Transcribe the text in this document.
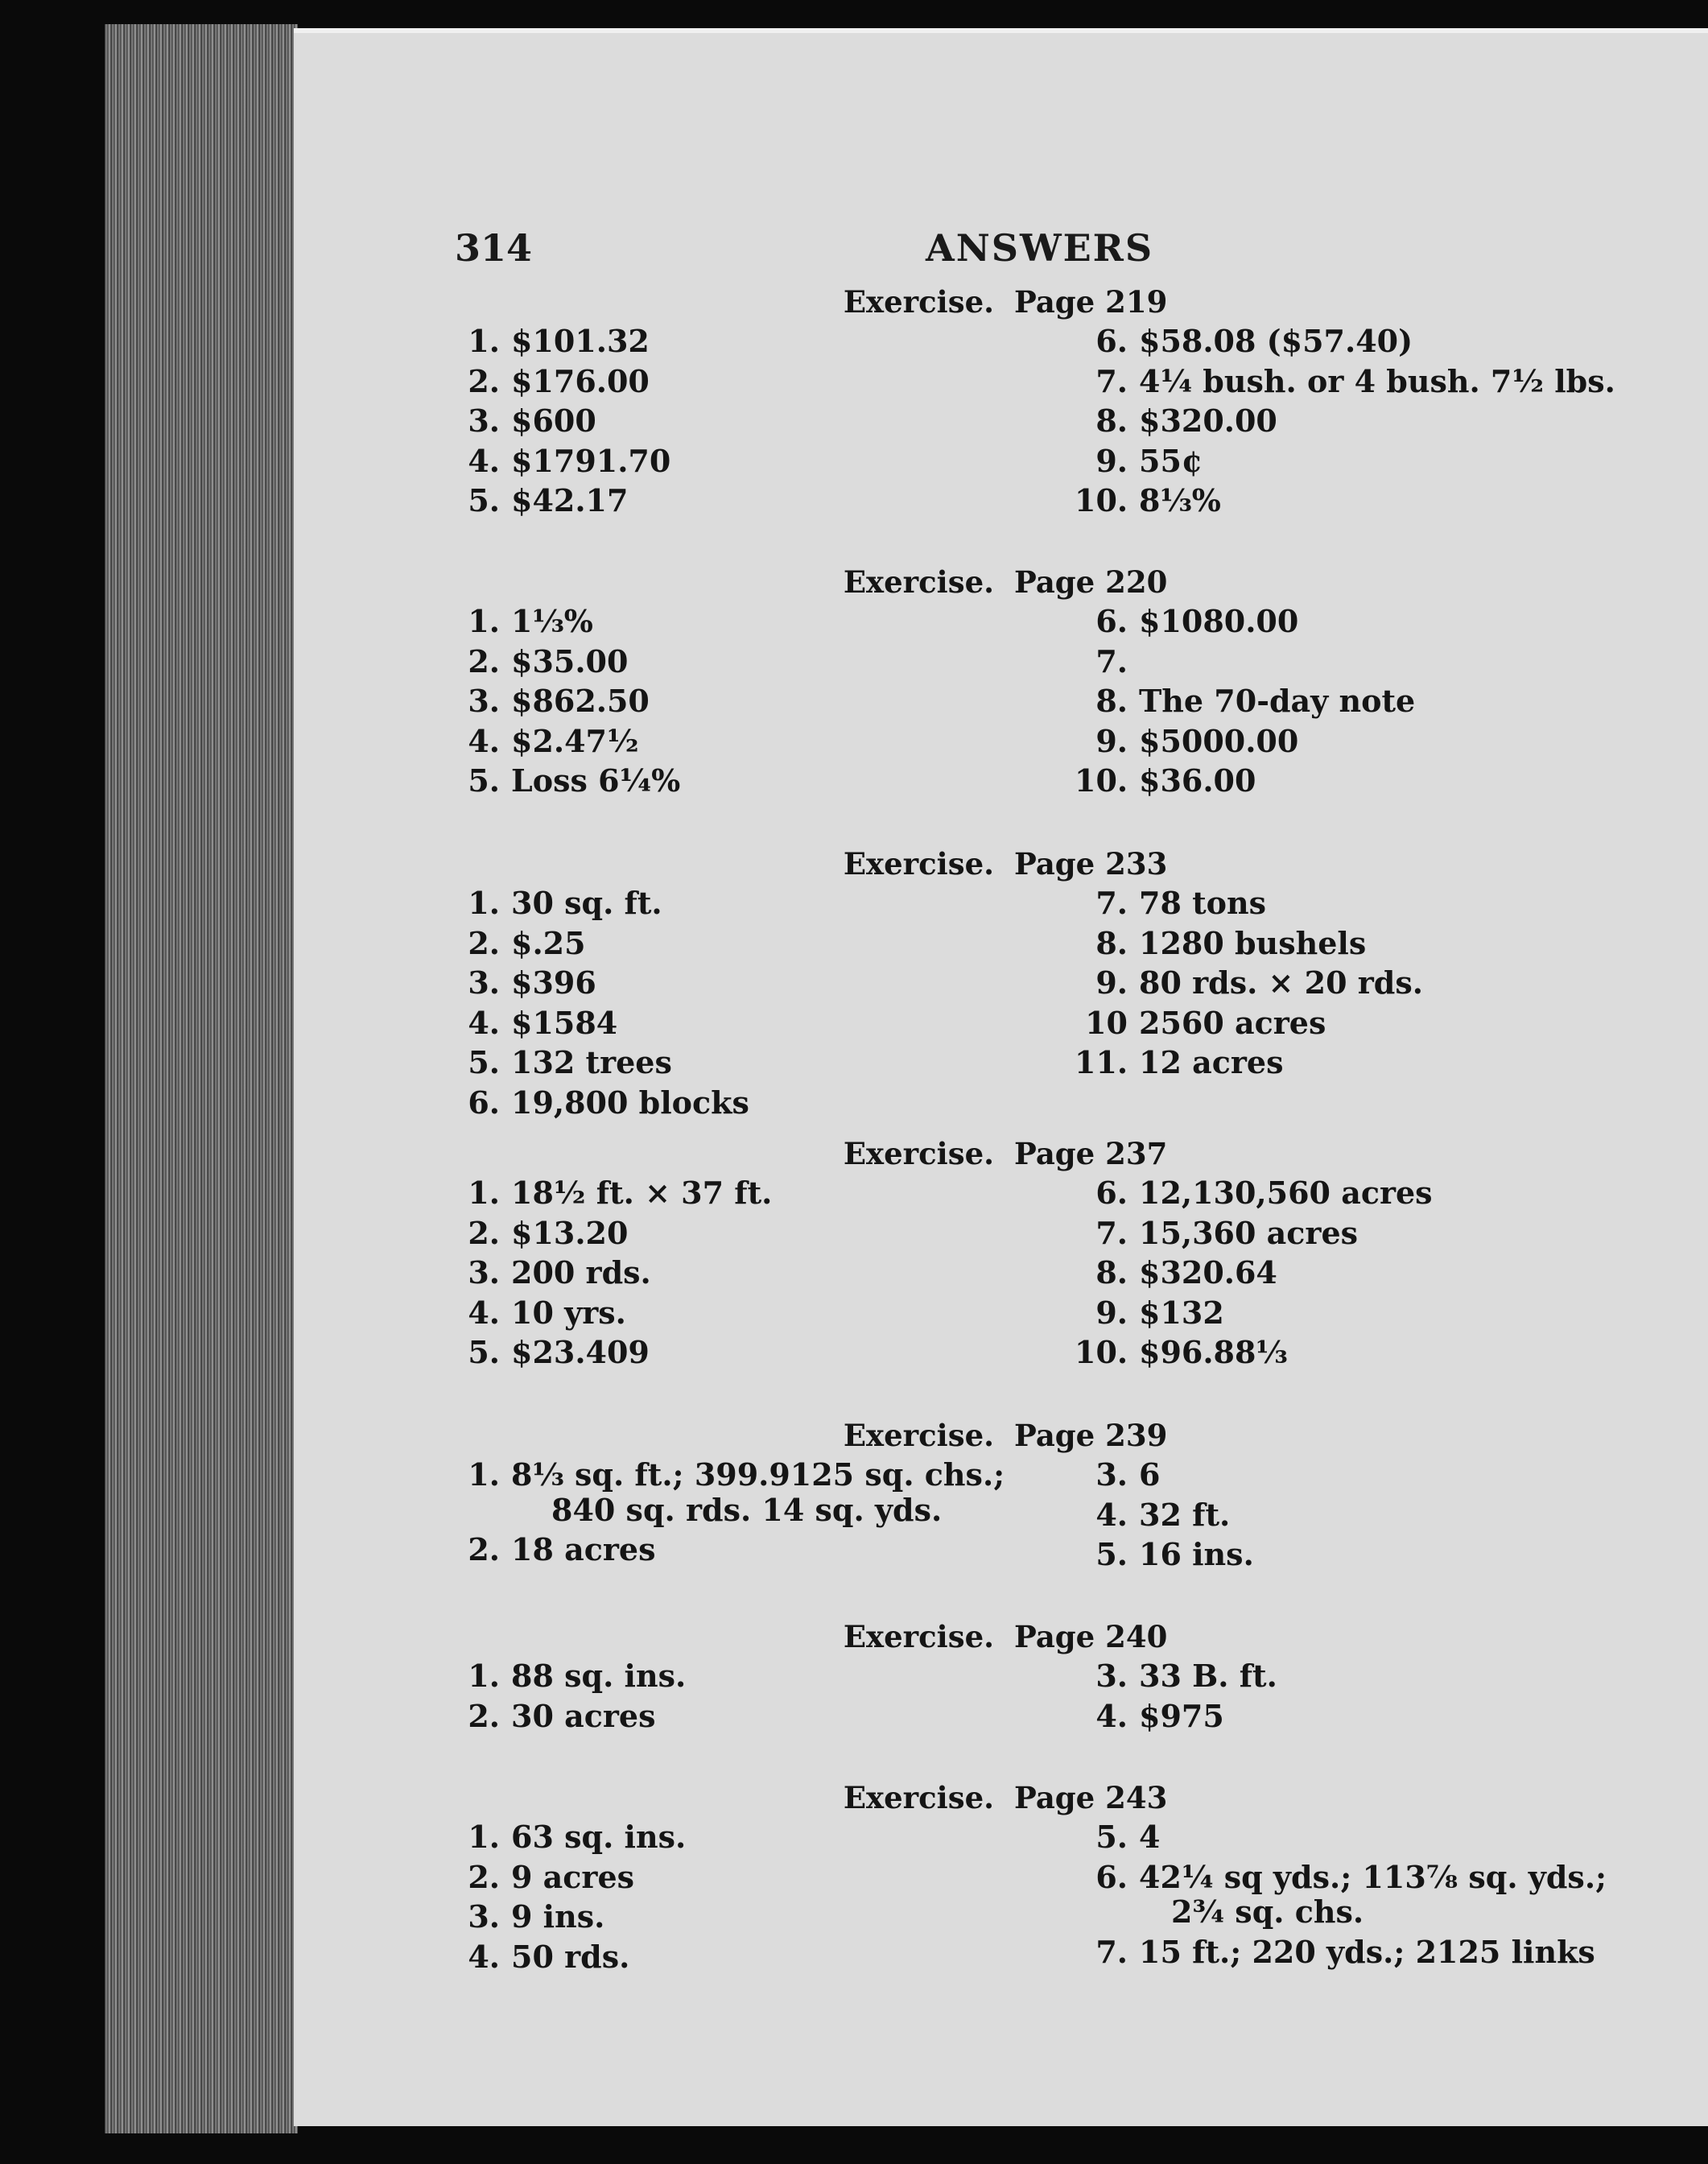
314	ANSWERS
Exercise. Page 219
1. $101.32
2. $176.00
3. $600
4. $1791.70
5. $42.17
6. $58.08 ($57.40)
7. 4¼ bush. or 4 bush. 7½ lbs.
8. $320.00
9. 55¢
10. 8⅓%
Exercise. Page 220
1. 1⅓%
2. $35.00
3. $862.50
4. $2.47½
5. Loss 6¼%
6. $1080.00
7.
8. The 70-day note
9. $5000.00
10. $36.00
Exercise. Page 233
1. 30 sq. ft.
2. $.25
3. $396
4. $1584
5. 132 trees
6. 19,800 blocks
7. 78 tons
8. 1280 bushels
9. 80 rds. × 20 rds.
10 2560 acres
11. 12 acres
Exercise. Page 237
1. 18½ ft. × 37 ft.
2. $13.20
3. 200 rds.
4. 10 yrs.
5. $23.409
6. 12,130,560 acres
7. 15,360 acres
8. $320.64
9. $132
10. $96.88⅓
Exercise. Page 239
1. 8⅓ sq. ft.; 399.9125 sq. chs.;
840 sq. rds. 14 sq. yds.
2. 18 acres
3. 6
4. 32 ft.
5. 16 ins.
Exercise. Page 240
1. 88 sq. ins.
2. 30 acres
3. 33 B. ft.
4. $975
Exercise. Page 243
1. 63 sq. ins.
2. 9 acres
3. 9 ins.
4. 50 rds.
5. 4
6. 42¼ sq yds.; 113⅞ sq. yds.;
2¾ sq. chs.
7. 15 ft.; 220 yds.; 2125 links
